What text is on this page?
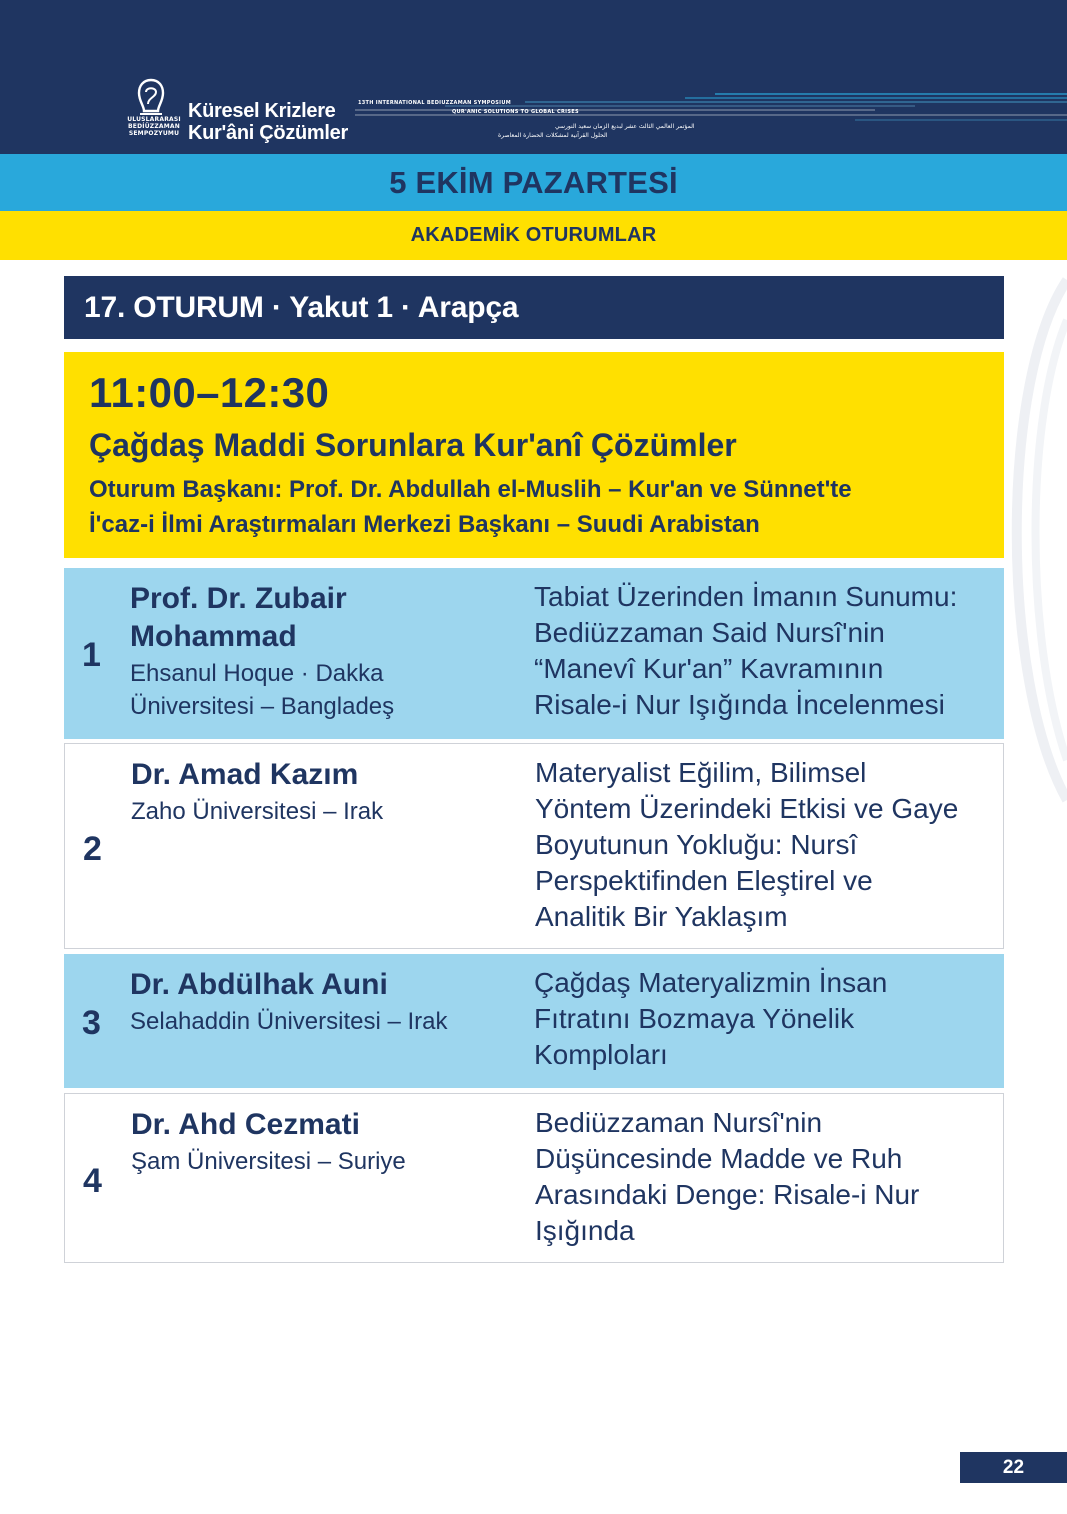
ULUSLARARASI
BEDİÜZZAMAN
SEMPOZYUMU
Küresel Krizlere
Kur'âni Çözümler
13TH INTERNATIONAL BEDIUZZAMAN SYMPOSIUM
QUR'ANIC SOLUTIONS TO GLOBAL CRISES
المؤتمر العالمي الثالث عشر لبديع الزمان سعيد النورسي
الحلول القرآنية لمشكلات الحضارة المعاصرة
5 EKİM PAZARTESİ
AKADEMİK OTURUMLAR
17. OTURUM · Yakut 1 · Arapça
11:00–12:30
Çağdaş Maddi Sorunlara Kur'anî Çözümler
Oturum Başkanı: Prof. Dr. Abdullah el-Muslih – Kur'an ve Sünnet'te
İ'caz-i İlmi Araştırmaları Merkezi Başkanı – Suudi Arabistan
1
Prof. Dr. Zubair
Mohammad
Ehsanul Hoque · Dakka
Üniversitesi – Bangladeş
Tabiat Üzerinden İmanın Sunumu:
Bediüzzaman Said Nursî'nin
“Manevî Kur'an” Kavramının
Risale-i Nur Işığında İncelenmesi
2
Dr. Amad Kazım
Zaho Üniversitesi – Irak
Materyalist Eğilim, Bilimsel
Yöntem Üzerindeki Etkisi ve Gaye
Boyutunun Yokluğu: Nursî
Perspektifinden Eleştirel ve
Analitik Bir Yaklaşım
3
Dr. Abdülhak Auni
Selahaddin Üniversitesi – Irak
Çağdaş Materyalizmin İnsan
Fıtratını Bozmaya Yönelik
Komploları
4
Dr. Ahd Cezmati
Şam Üniversitesi – Suriye
Bediüzzaman Nursî'nin
Düşüncesinde Madde ve Ruh
Arasındaki Denge: Risale-i Nur
Işığında
22
